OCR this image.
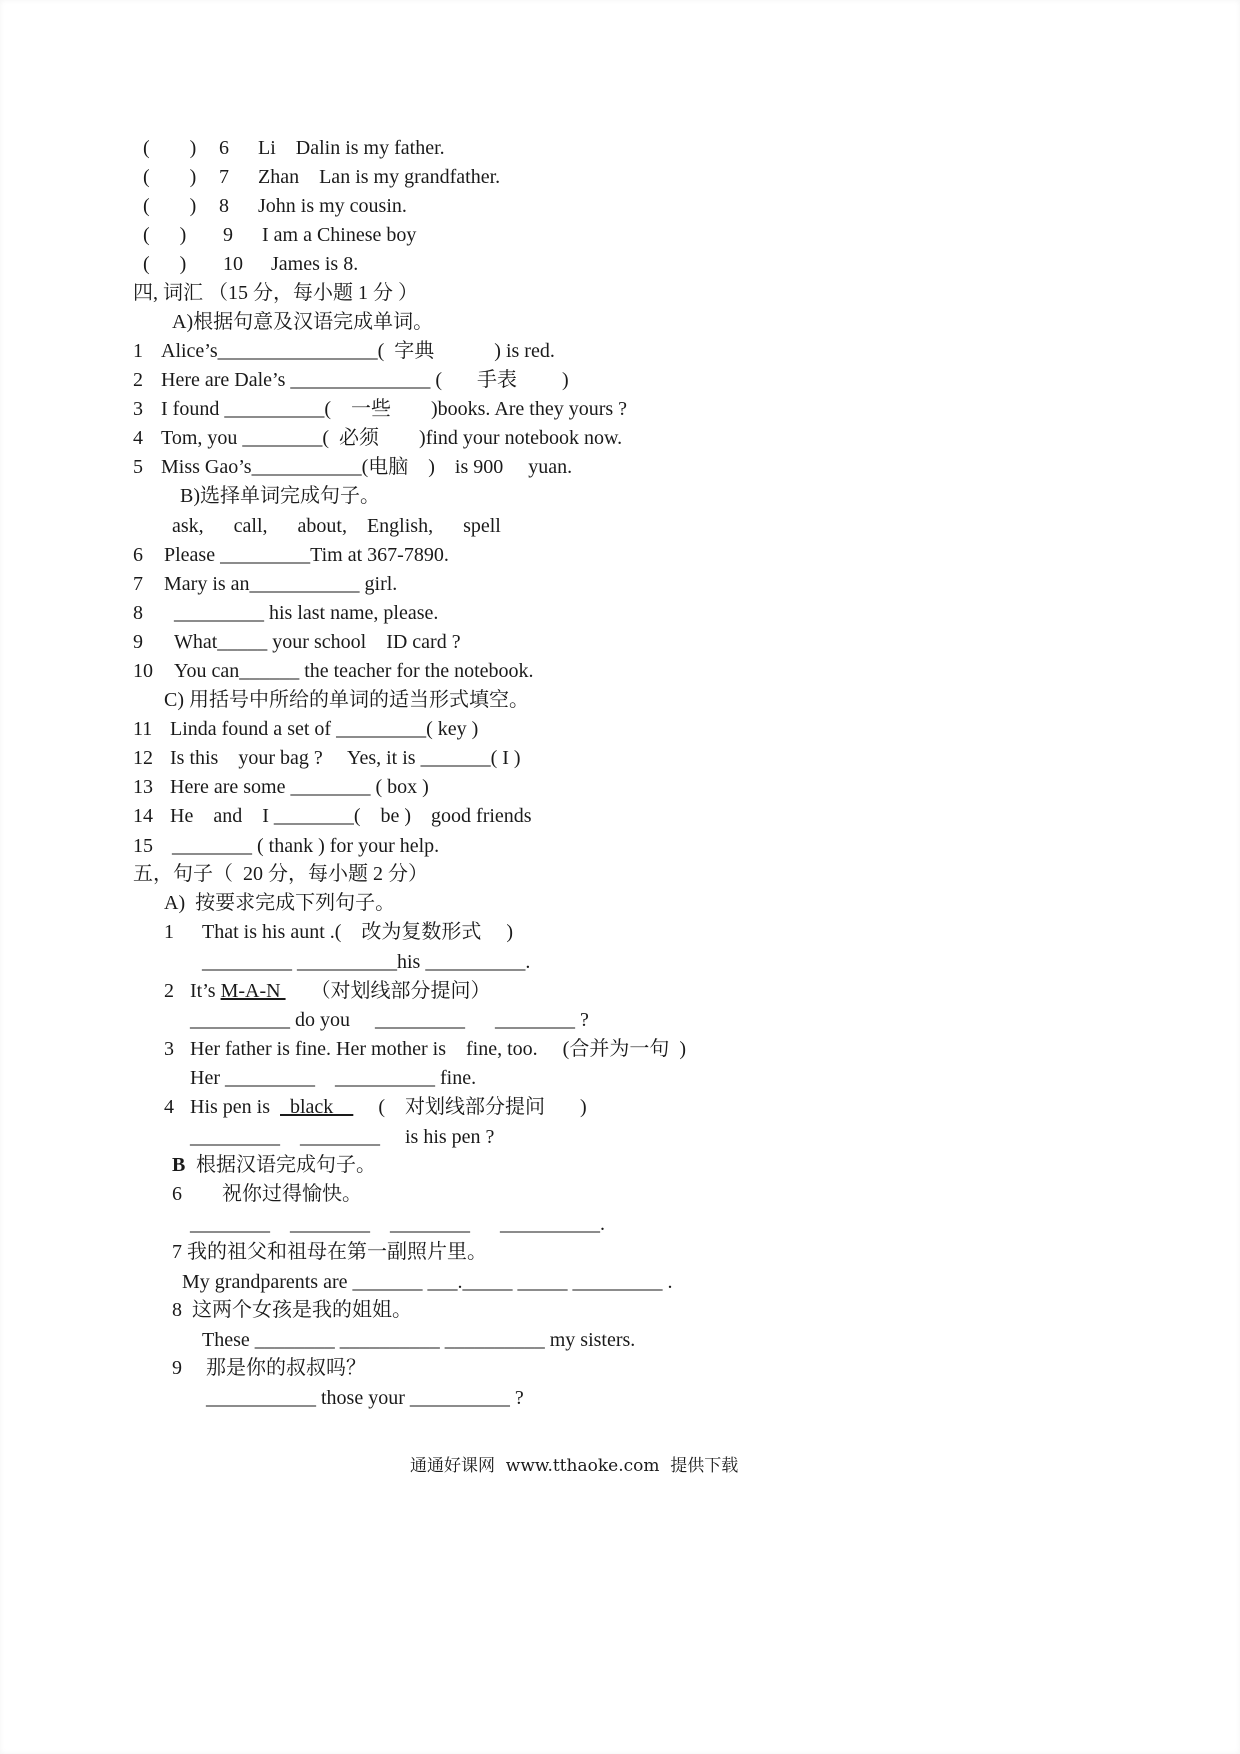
(        ) 6 Li    Dalin is my father.
(        ) 7 Zhan    Lan is my grandfather.
(        ) 8 John is my cousin.
(      ) 9 I am a Chinese boy
(      ) 10 James is 8.
四, 词汇 （15 分，每小题 1 分 ）
A)根据句意及汉语完成单词。
1 Alice’s________________(  字典            ) is red.
2 Here are Dale’s ______________ (       手表         )
3 I found __________(    一些        )books. Are they yours ?
4 Tom, you ________(  必须        )find your notebook now.
5 Miss Gao’s___________(电脑    )    is 900     yuan.
B)选择单词完成句子。
ask,      call,      about,    English,      spell
6 Please _________Tim at 367-7890.
7 Mary is an___________ girl.
8 _________ his last name, please.
9 What_____ your school    ID card ?
10 You can______ the teacher for the notebook.
C) 用括号中所给的单词的适当形式填空。
11 Linda found a set of _________( key )
12 Is this    your bag ?     Yes, it is _______( I )
13 Here are some ________ ( box )
14 He    and    I ________(    be )    good friends
15 ________ ( thank ) for your help.
五，句子（  20 分，每小题 2 分）
A)  按要求完成下列句子。
1 That is his aunt .(    改为复数形式     )
_________ __________his __________.
2 It’s M-A-N      （对划线部分提问）
__________ do you     _________      ________ ?
3 Her father is fine. Her mother is    fine, too.     (合并为一句  )
Her _________    __________ fine.
4 His pen is    black         (    对划线部分提问       )
_________    ________     is his pen ?
B 根据汉语完成句子。
6 祝你过得愉快。
________    ________    ________      __________.
7 我的祖父和祖母在第一副照片里。
My grandparents are _______ ___._____ _____ _________ .
8  这两个女孩是我的姐姐。
These ________ __________ __________ my sisters.
9 那是你的叔叔吗？
___________ those your __________ ?
通通好课网  www.tthaoke.com  提供下载
